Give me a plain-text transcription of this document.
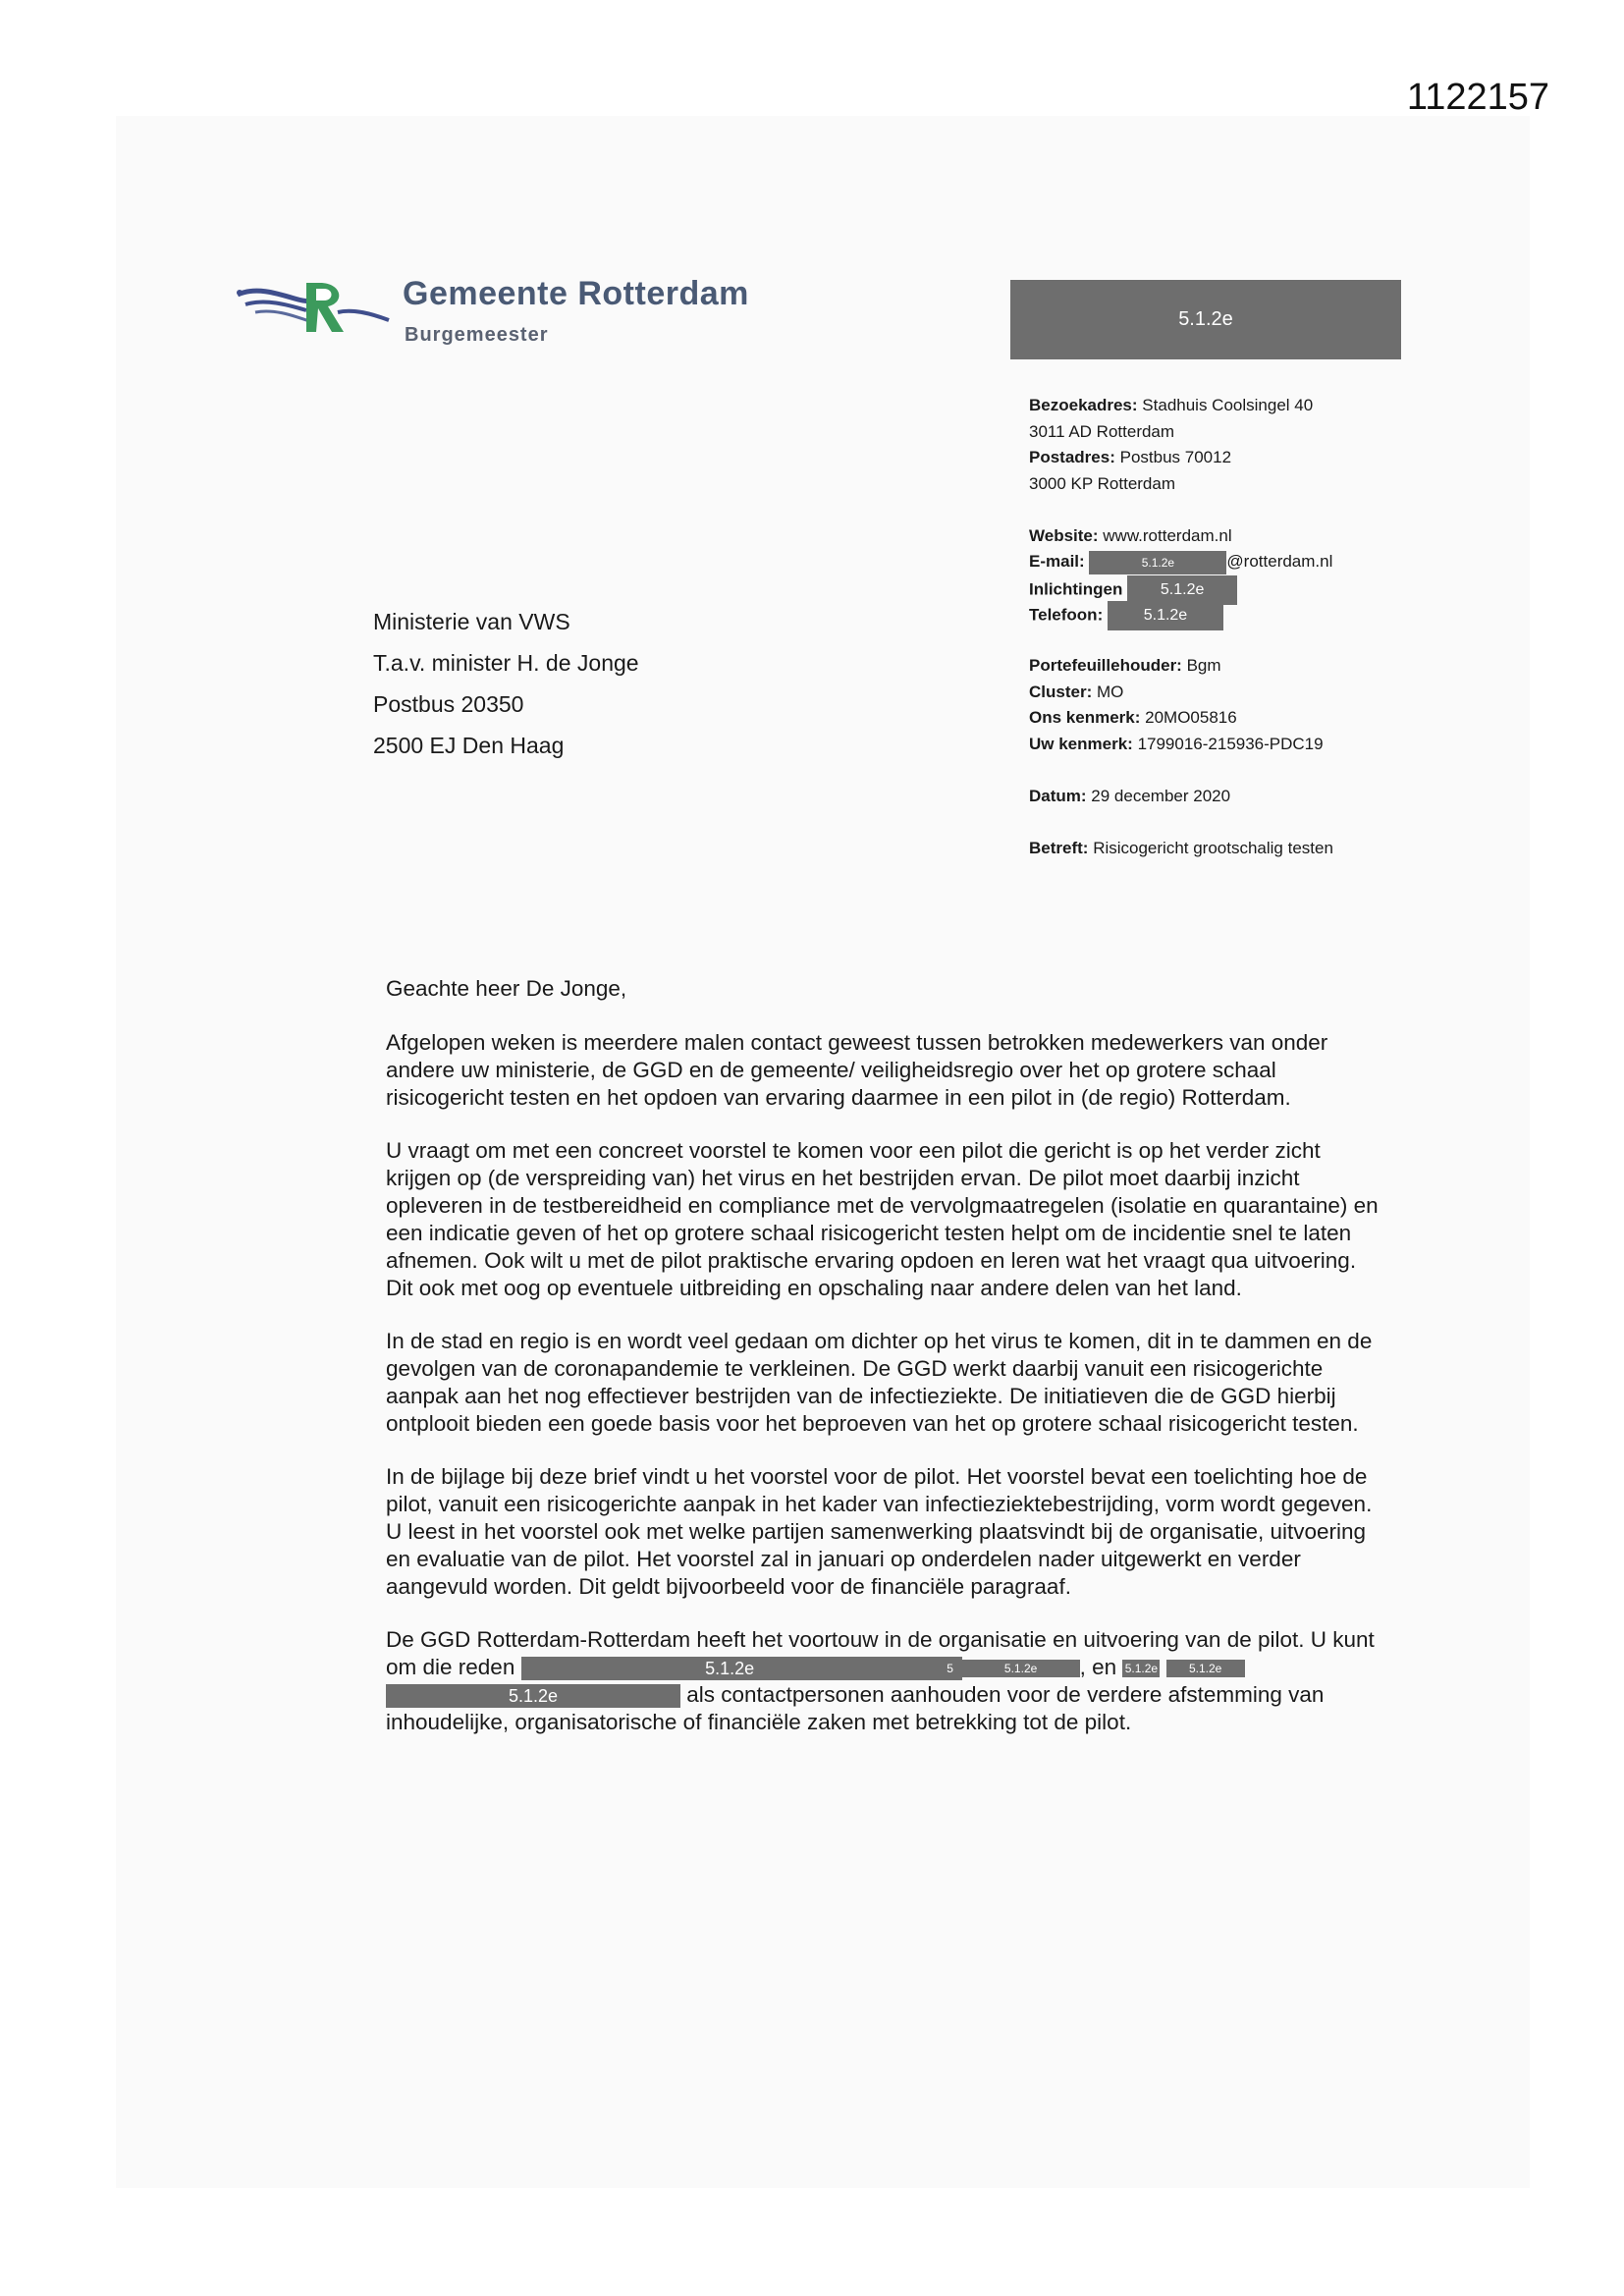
1122157
Gemeente Rotterdam
Burgemeester
5.1.2e
Bezoekadres: Stadhuis Coolsingel 40
3011 AD Rotterdam
Postadres: Postbus 70012
3000 KP Rotterdam
Website: www.rotterdam.nl
E-mail:	5.1.2e	@rotterdam.nl
Inlichtingen 5.1.2e
Telefoon:	5.1.2e
Portefeuillehouder: Bgm
Cluster: MO
Ons kenmerk: 20MO05816
Uw kenmerk: 1799016-215936-PDC19
Datum: 29 december 2020
Betreft: Risicogericht grootschalig testen
Ministerie van VWS
T.a.v. minister H. de Jonge
Postbus 20350
2500 EJ Den Haag

Geachte heer De Jonge,

Afgelopen weken is meerdere malen contact geweest tussen betrokken medewerkers van onder andere uw ministerie, de GGD en de gemeente/ veiligheidsregio over het op grotere schaal risicogericht testen en het opdoen van ervaring daarmee in een pilot in (de regio) Rotterdam.

U vraagt om met een concreet voorstel te komen voor een pilot die gericht is op het verder zicht krijgen op (de verspreiding van) het virus en het bestrijden ervan. De pilot moet daarbij inzicht opleveren in de testbereidheid en compliance met de vervolgmaatregelen (isolatie en quarantaine) en een indicatie geven of het op grotere schaal risicogericht testen helpt om de incidentie snel te laten afnemen. Ook wilt u met de pilot praktische ervaring opdoen en leren wat het vraagt qua uitvoering. Dit ook met oog op eventuele uitbreiding en opschaling naar andere delen van het land.

In de stad en regio is en wordt veel gedaan om dichter op het virus te komen, dit in te dammen en de gevolgen van de coronapandemie te verkleinen. De GGD werkt daarbij vanuit een risicogerichte aanpak aan het nog effectiever bestrijden van de infectieziekte. De initiatieven die de GGD hierbij ontplooit bieden een goede basis voor het beproeven van het op grotere schaal risicogericht testen.

In de bijlage bij deze brief vindt u het voorstel voor de pilot. Het voorstel bevat een toelichting hoe de pilot, vanuit een risicogerichte aanpak in het kader van infectieziektebestrijding, vorm wordt gegeven. U leest in het voorstel ook met welke partijen samenwerking plaatsvindt bij de organisatie, uitvoering en evaluatie van de pilot. Het voorstel zal in januari op onderdelen nader uitgewerkt en verder aangevuld worden. Dit geldt bijvoorbeeld voor de financiële paragraaf.

De GGD Rotterdam-Rotterdam heeft het voortouw in de organisatie en uitvoering van de pilot. U kunt om die reden	5.1.2e	5	5.1.2e , en 5.1.2e	5.1.2e5.1.2e	als contactpersonen aanhouden voor de verdere afstemming van inhoudelijke, organisatorische of financiële zaken met betrekking tot de pilot.
